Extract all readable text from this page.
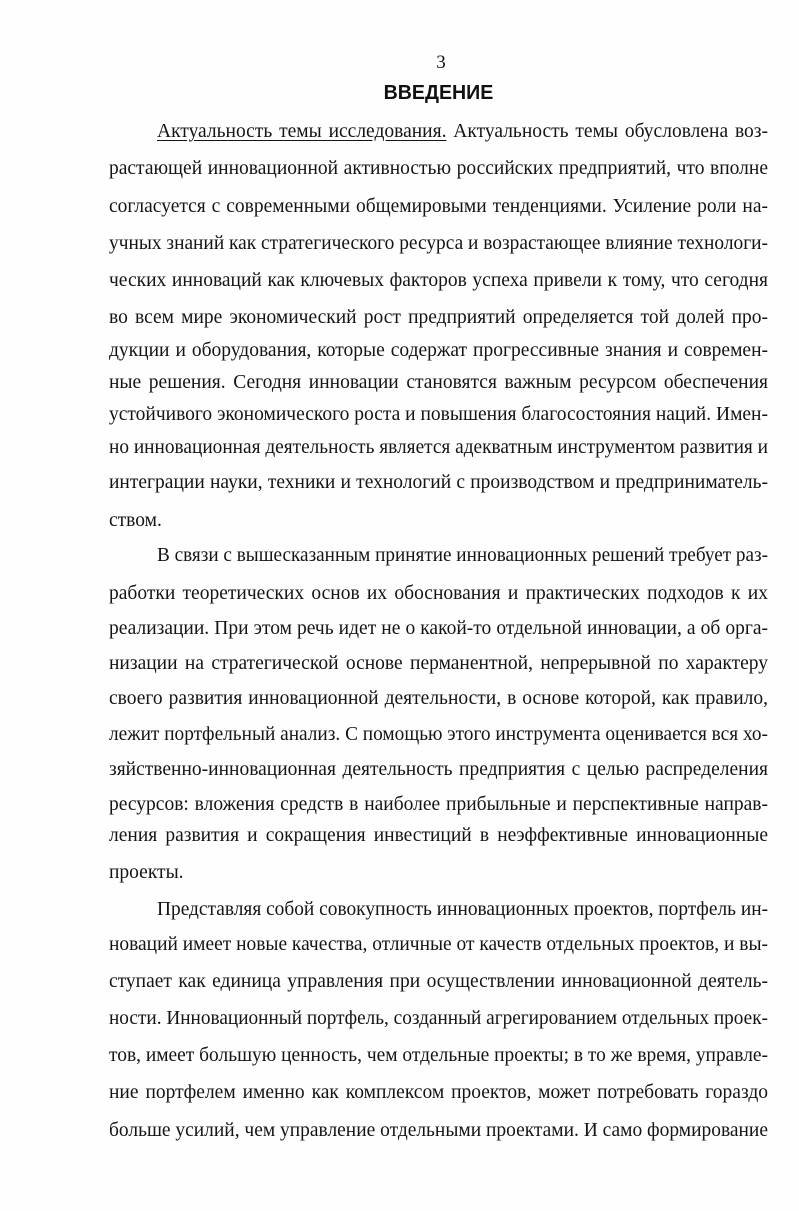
3
ВВЕДЕНИЕ
Актуальность темы исследования. Актуальность темы обусловлена воз-
растающей инновационной активностью российских предприятий, что вполне
согласуется с современными общемировыми тенденциями. Усиление роли на-
учных знаний как стратегического ресурса и возрастающее влияние технологи-
ческих инноваций как ключевых факторов успеха привели к тому, что сегодня
во всем мире экономический рост предприятий определяется той долей про-
дукции и оборудования, которые содержат прогрессивные знания и современ-
ные решения. Сегодня инновации становятся важным ресурсом обеспечения
устойчивого экономического роста и повышения благосостояния наций. Имен-
но инновационная деятельность является адекватным инструментом развития и
интеграции науки, техники и технологий с производством и предприниматель-
ством.
В связи с вышесказанным принятие инновационных решений требует раз-
работки теоретических основ их обоснования и практических подходов к их
реализации. При этом речь идет не о какой-то отдельной инновации, а об орга-
низации на стратегической основе перманентной, непрерывной по характеру
своего развития инновационной деятельности, в основе которой, как правило,
лежит портфельный анализ. С помощью этого инструмента оценивается вся хо-
зяйственно-инновационная деятельность предприятия с целью распределения
ресурсов: вложения средств в наиболее прибыльные и перспективные направ-
ления развития и сокращения инвестиций в неэффективные инновационные
проекты.
Представляя собой совокупность инновационных проектов, портфель ин-
новаций имеет новые качества, отличные от качеств отдельных проектов, и вы-
ступает как единица управления при осуществлении инновационной деятель-
ности. Инновационный портфель, созданный агрегированием отдельных проек-
тов, имеет большую ценность, чем отдельные проекты; в то же время, управле-
ние портфелем именно как комплексом проектов, может потребовать гораздо
больше усилий, чем управление отдельными проектами. И само формирование
